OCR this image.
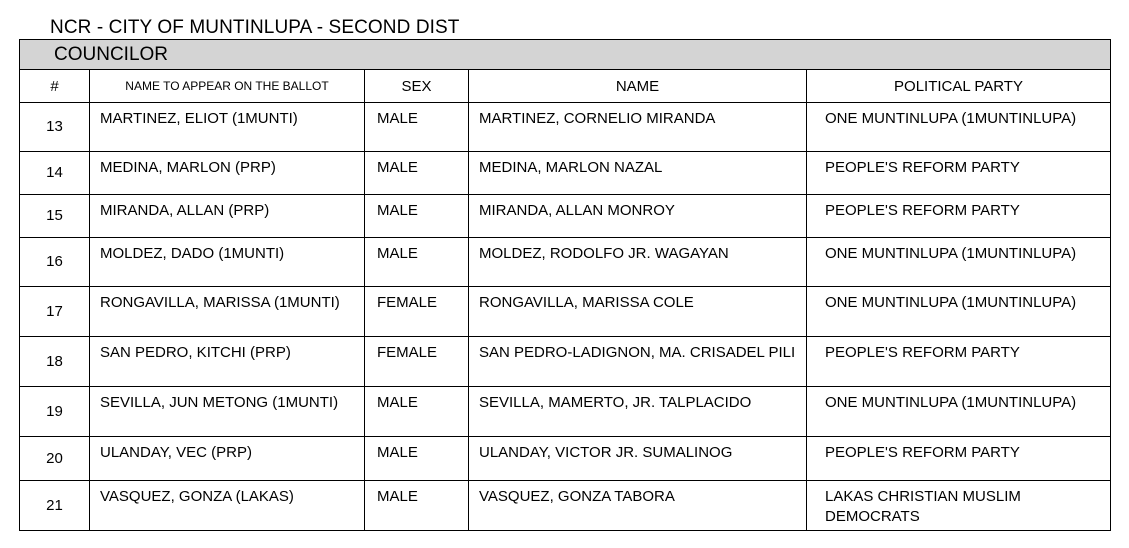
NCR - CITY OF MUNTINLUPA - SECOND DIST
COUNCILOR				
#	NAME TO APPEAR ON THE BALLOT	SEX	NAME	POLITICAL PARTY
13	MARTINEZ, ELIOT (1MUNTI)	MALE	MARTINEZ, CORNELIO MIRANDA	ONE MUNTINLUPA (1MUNTINLUPA)

14	MEDINA, MARLON (PRP)	MALE	MEDINA, MARLON NAZAL	PEOPLE'S REFORM PARTY

15	MIRANDA, ALLAN (PRP)	MALE	MIRANDA, ALLAN MONROY	PEOPLE'S REFORM PARTY

16	MOLDEZ, DADO (1MUNTI)	MALE	MOLDEZ, RODOLFO JR. WAGAYAN	ONE MUNTINLUPA (1MUNTINLUPA)

17	RONGAVILLA, MARISSA (1MUNTI)	FEMALE	RONGAVILLA, MARISSA COLE	ONE MUNTINLUPA (1MUNTINLUPA)

18	SAN PEDRO, KITCHI (PRP)	FEMALE	SAN PEDRO-LADIGNON, MA. CRISADEL PILI	PEOPLE'S REFORM PARTY

19	SEVILLA, JUN METONG (1MUNTI)	MALE	SEVILLA, MAMERTO, JR. TALPLACIDO	ONE MUNTINLUPA (1MUNTINLUPA)

20	ULANDAY, VEC (PRP)	MALE	ULANDAY, VICTOR JR. SUMALINOG	PEOPLE'S REFORM PARTY

21	VASQUEZ, GONZA (LAKAS)	MALE	VASQUEZ, GONZA TABORA	LAKAS CHRISTIAN MUSLIM DEMOCRATS
